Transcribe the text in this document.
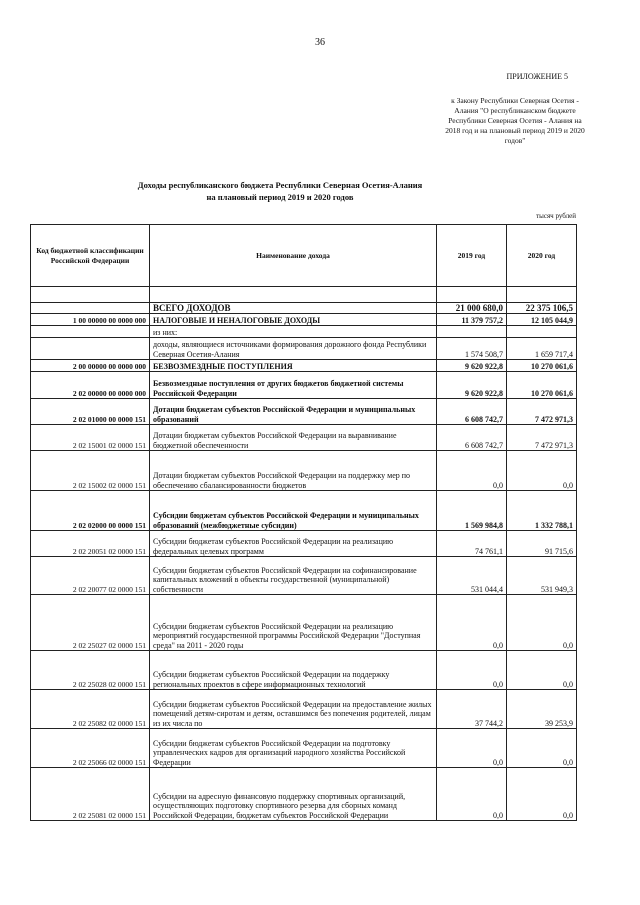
36
ПРИЛОЖЕНИЕ 5
к Закону Республики Северная Осетия - Алания "О республиканском бюджете Республики Северная Осетия - Алания на 2018 год и на плановый период 2019 и 2020 годов"
Доходы республиканского бюджета Республики Северная Осетия-Алания
на плановый период 2019 и 2020 годов
тысяч рублей
Код бюджетной классификации Российской Федерации	Наименование дохода	2019 год	2020 год

	ВСЕГО ДОХОДОВ	21 000 680,0	22 375 106,5
1 00 00000 00 0000 000	НАЛОГОВЫЕ И НЕНАЛОГОВЫЕ ДОХОДЫ	11 379 757,2	12 105 044,9
	из них:		
	доходы, являющиеся источниками формирования дорожного фонда Республики Северная Осетия-Алания	1 574 508,7	1 659 717,4
2 00 00000 00 0000 000	БЕЗВОЗМЕЗДНЫЕ ПОСТУПЛЕНИЯ	9 620 922,8	10 270 061,6
2 02 00000 00 0000 000	Безвозмездные поступления от других бюджетов бюджетной системы Российской Федерации	9 620 922,8	10 270 061,6
2 02 01000 00 0000 151	Дотации бюджетам субъектов Российской Федерации и муниципальных образований	6 608 742,7	7 472 971,3
2 02 15001 02 0000 151	Дотации бюджетам субъектов Российской Федерации на выравнивание бюджетной обеспеченности	6 608 742,7	7 472 971,3
2 02 15002 02 0000 151	Дотации бюджетам субъектов Российской Федерации на поддержку мер по обеспечению сбалансированности бюджетов	0,0	0,0
2 02 02000 00 0000 151	Субсидии бюджетам субъектов Российской Федерации и муниципальных образований (межбюджетные субсидии)	1 569 984,8	1 332 788,1
2 02 20051 02 0000 151	Субсидии бюджетам субъектов Российской Федерации на реализацию федеральных целевых программ	74 761,1	91 715,6
2 02 20077 02 0000 151	Субсидии бюджетам субъектов Российской Федерации на софинансирование капитальных вложений в объекты государственной (муниципальной) собственности	531 044,4	531 949,3
2 02 25027 02 0000 151	Субсидии бюджетам субъектов Российской Федерации на реализацию мероприятий государственной программы Российской Федерации "Доступная среда" на 2011 - 2020 годы	0,0	0,0
2 02 25028 02 0000 151	Субсидии бюджетам субъектов Российской Федерации на поддержку региональных проектов в сфере информационных технологий	0,0	0,0
2 02 25082 02 0000 151	Субсидии бюджетам субъектов Российской Федерации на предоставление жилых помещений детям-сиротам и детям, оставшимся без попечения родителей, лицам из их числа по	37 744,2	39 253,9
2 02 25066 02 0000 151	Субсидии бюджетам субъектов Российской Федерации на подготовку управленческих кадров для организаций народного хозяйства Российской Федерации	0,0	0,0
2 02 25081 02 0000 151	Субсидии на адресную финансовую поддержку спортивных организаций, осуществляющих подготовку спортивного резерва для сборных команд Российской Федерации, бюджетам субъектов Российской Федерации	0,0	0,0
